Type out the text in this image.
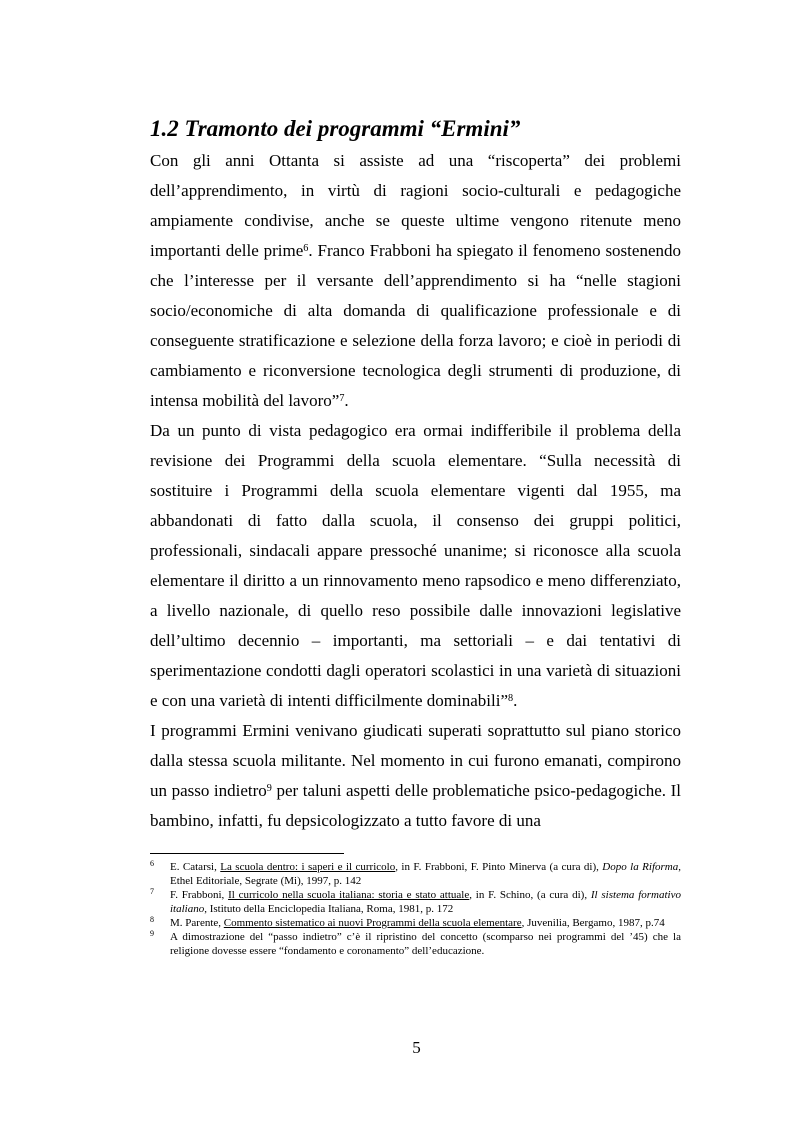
1.2 Tramonto dei programmi “Ermini”

Con gli anni Ottanta si assiste ad una “riscoperta” dei problemi dell’apprendimento, in virtù di ragioni socio-culturali e pedagogiche ampiamente condivise, anche se queste ultime vengono ritenute meno importanti delle prime$^6$. Franco Frabboni ha spiegato il fenomeno sostenendo che l’interesse per il versante dell’apprendimento si ha “nelle stagioni socio/economiche di alta domanda di qualificazione professionale e di conseguente stratificazione e selezione della forza lavoro; e cioè in periodi di cambiamento e riconversione tecnologica degli strumenti di produzione, di intensa mobilità del lavoro”$^7$.

Da un punto di vista pedagogico era ormai indifferibile il problema della revisione dei Programmi della scuola elementare. “Sulla necessità di sostituire i Programmi della scuola elementare vigenti dal 1955, ma abbandonati di fatto dalla scuola, il consenso dei gruppi politici, professionali, sindacali appare pressoché unanime; si riconosce alla scuola elementare il diritto a un rinnovamento meno rapsodico e meno differenziato, a livello nazionale, di quello reso possibile dalle innovazioni legislative dell’ultimo decennio – importanti, ma settoriali – e dai tentativi di sperimentazione condotti dagli operatori scolastici in una varietà di situazioni e con una varietà di intenti difficilmente dominabili”$^8$.

I programmi Ermini venivano giudicati superati soprattutto sul piano storico dalla stessa scuola militante. Nel momento in cui furono emanati, compirono un passo indietro$^9$ per taluni aspetti delle problematiche psico-pedagogiche. Il bambino, infatti, fu depsicologizzato a tutto favore di una

6 E. Catarsi, La scuola dentro: i saperi e il curricolo, in F. Frabboni, F. Pinto Minerva (a cura di), Dopo la Riforma, Ethel Editoriale, Segrate (Mi), 1997, p. 142

7 F. Frabboni, Il curricolo nella scuola italiana: storia e stato attuale, in F. Schino, (a cura di), Il sistema formativo italiano, Istituto della Enciclopedia Italiana, Roma, 1981, p. 172

8 M. Parente, Commento sistematico ai nuovi Programmi della scuola elementare, Juvenilia, Bergamo, 1987, p.74

9 A dimostrazione del “passo indietro” c’è il ripristino del concetto (scomparso nei programmi del ’45) che la religione dovesse essere “fondamento e coronamento” dell’educazione.

5
